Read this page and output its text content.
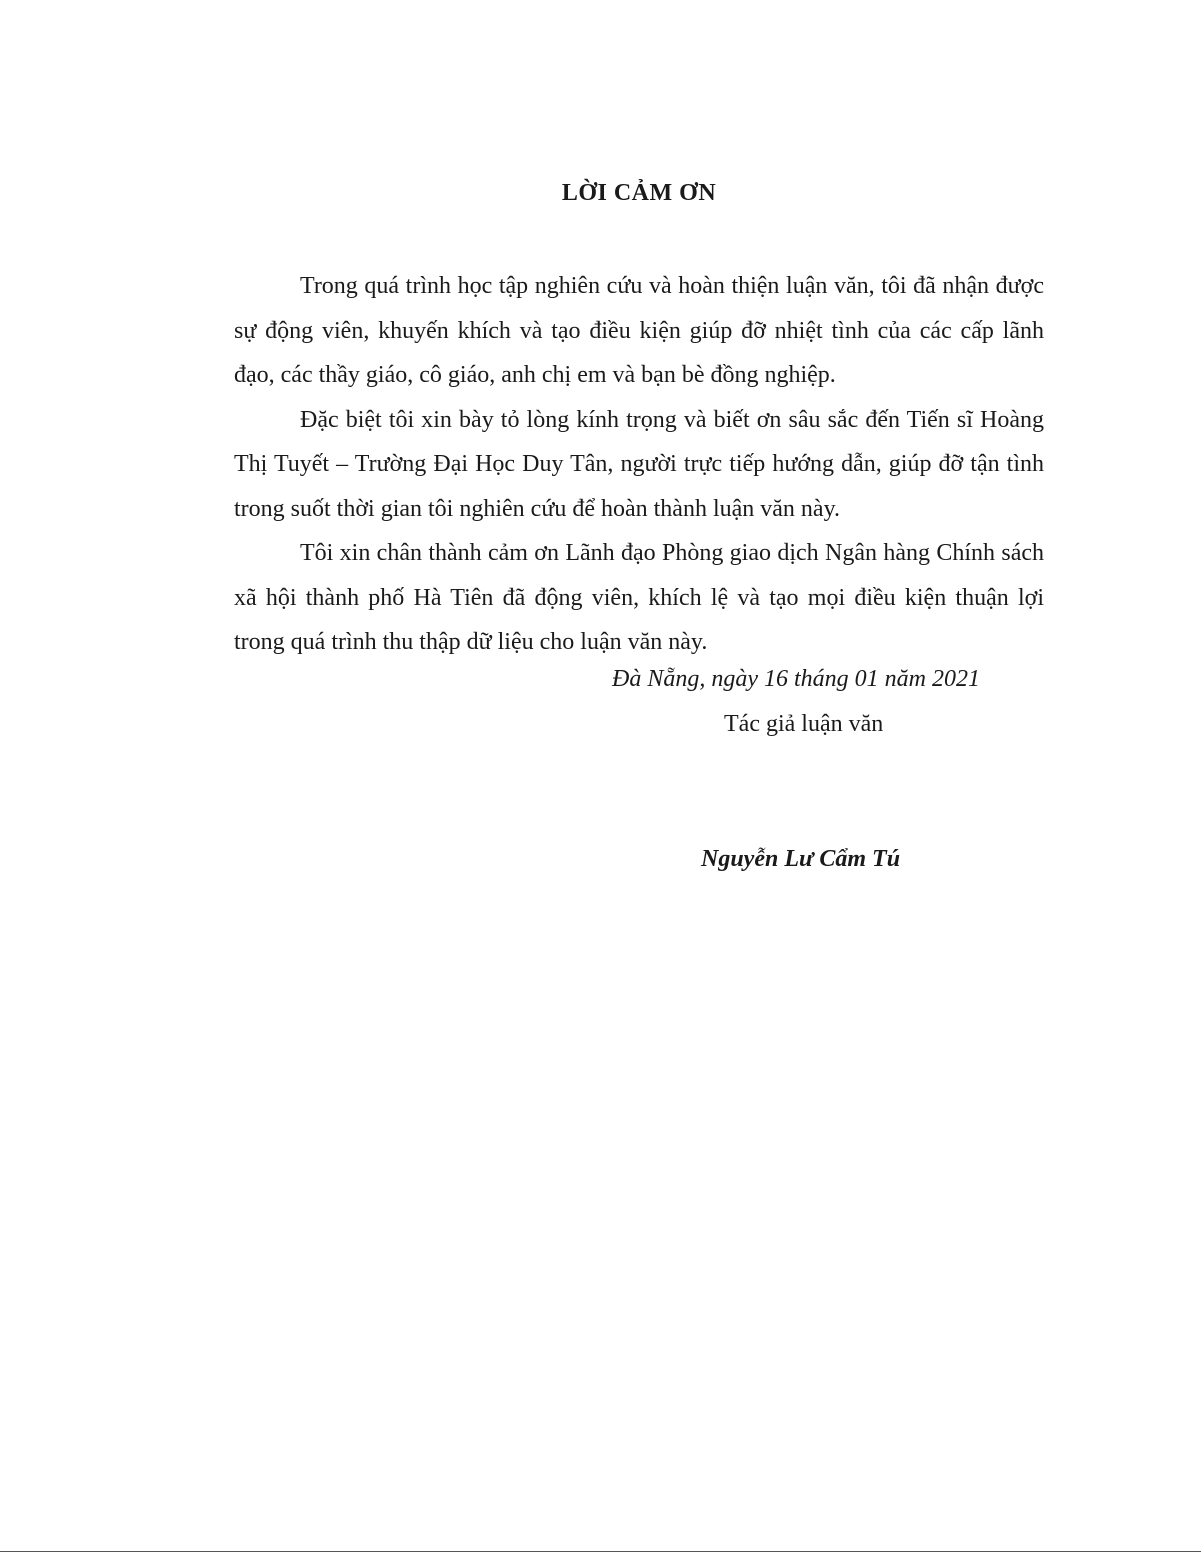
LỜI CẢM ƠN

Trong quá trình học tập nghiên cứu và hoàn thiện luận văn, tôi đã nhận được sự động viên, khuyến khích và tạo điều kiện giúp đỡ nhiệt tình của các cấp lãnh đạo, các thầy giáo, cô giáo, anh chị em và bạn bè đồng nghiệp.

Đặc biệt tôi xin bày tỏ lòng kính trọng và biết ơn sâu sắc đến Tiến sĩ Hoàng Thị Tuyết – Trường Đại Học Duy Tân, người trực tiếp hướng dẫn, giúp đỡ tận tình trong suốt thời gian tôi nghiên cứu để hoàn thành luận văn này.

Tôi xin chân thành cảm ơn Lãnh đạo Phòng giao dịch Ngân hàng Chính sách xã hội thành phố Hà Tiên đã động viên, khích lệ và tạo mọi điều kiện thuận lợi trong quá trình thu thập dữ liệu cho luận văn này.

Đà Nẵng, ngày 16 tháng 01 năm 2021
Tác giả luận văn
Nguyễn Lư Cẩm Tú
